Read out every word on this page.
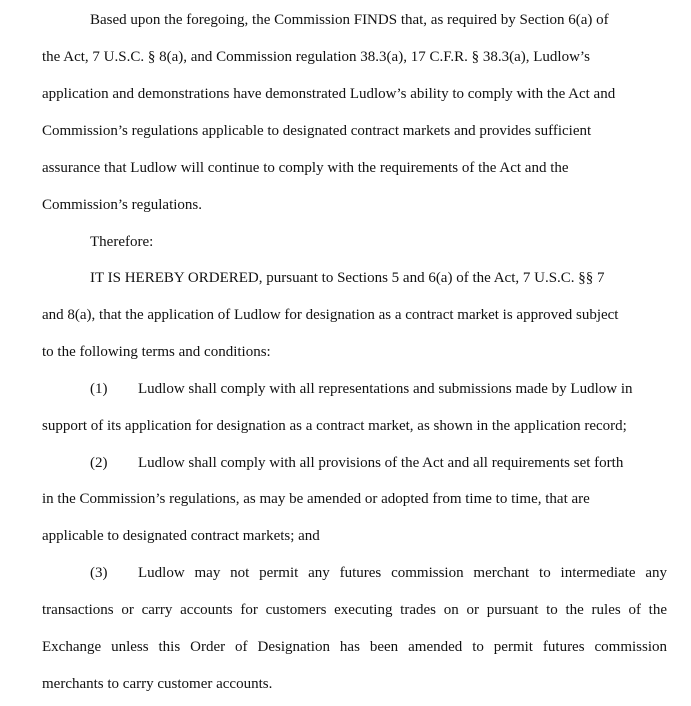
Based upon the foregoing, the Commission FINDS that, as required by Section 6(a) of
the Act, 7 U.S.C. § 8(a), and Commission regulation 38.3(a), 17 C.F.R. § 38.3(a), Ludlow’s
application and demonstrations have demonstrated Ludlow’s ability to comply with the Act and
Commission’s regulations applicable to designated contract markets and provides sufficient
assurance that Ludlow will continue to comply with the requirements of the Act and the
Commission’s regulations.
Therefore:
IT IS HEREBY ORDERED, pursuant to Sections 5 and 6(a) of the Act, 7 U.S.C. §§ 7
and 8(a), that the application of Ludlow for designation as a contract market is approved subject
to the following terms and conditions:
(1) Ludlow shall comply with all representations and submissions made by Ludlow in
support of its application for designation as a contract market, as shown in the application record;
(2) Ludlow shall comply with all provisions of the Act and all requirements set forth
in the Commission’s regulations, as may be amended or adopted from time to time, that are
applicable to designated contract markets; and
(3) Ludlow may not permit any futures commission merchant to intermediate any
transactions or carry accounts for customers executing trades on or pursuant to the rules of the
Exchange unless this Order of Designation has been amended to permit futures commission
merchants to carry customer accounts.
